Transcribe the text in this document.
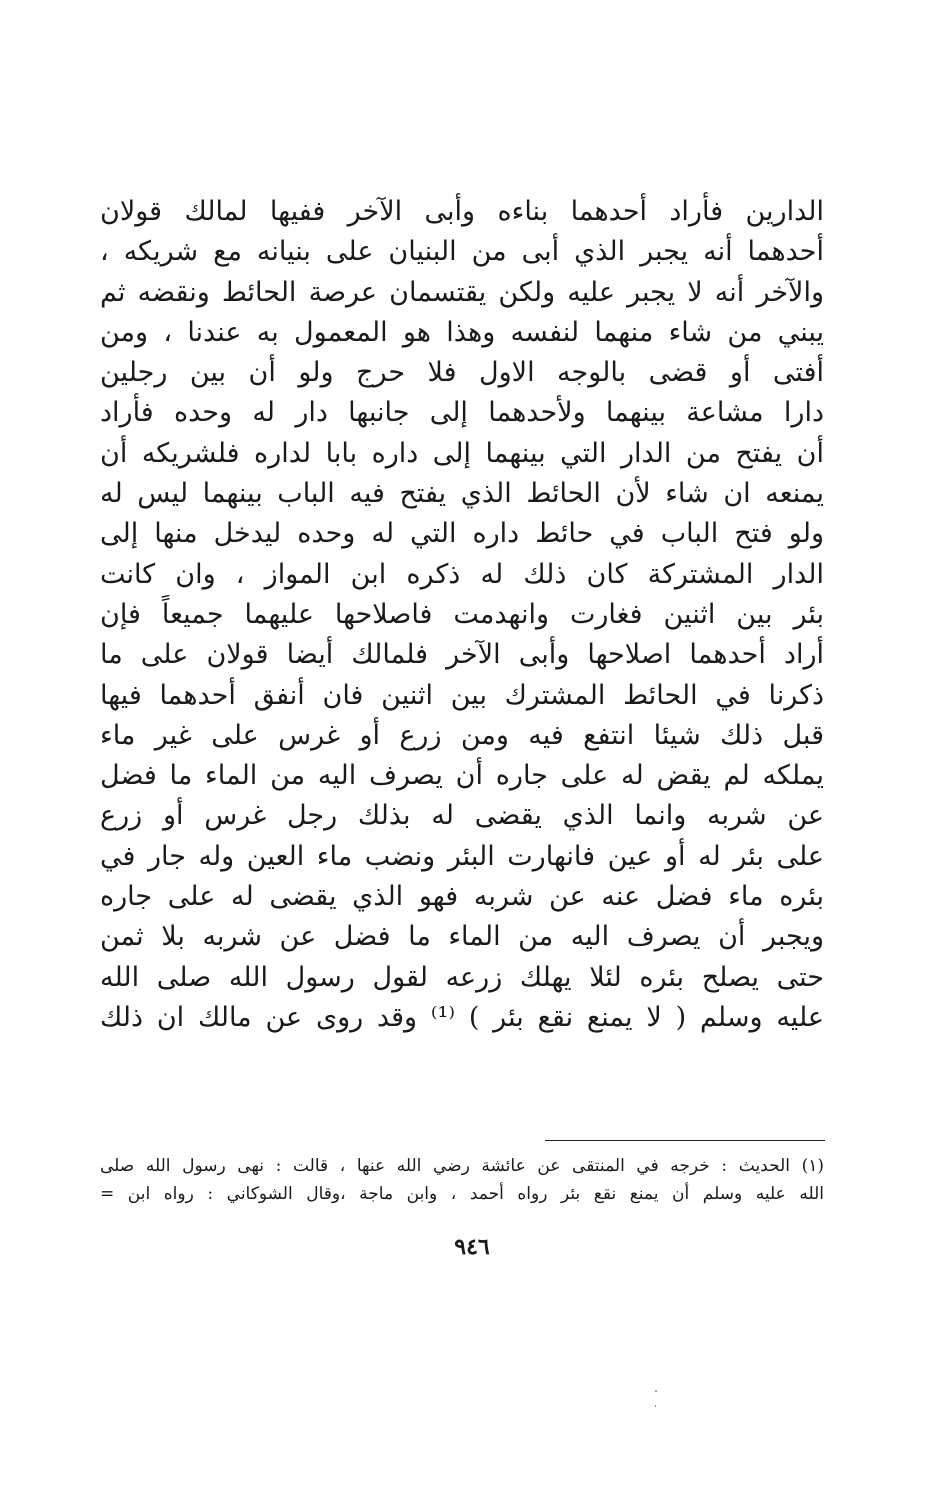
الدارين فأراد أحدهما بناءه وأبى الآخر ففيها لمالك قولان
أحدهما أنه يجبر الذي أبى من البنيان على بنيانه مع شريكه ،
والآخر أنه لا يجبر عليه ولكن يقتسمان عرصة الحائط ونقضه ثم
يبني من شاء منهما لنفسه وهذا هو المعمول به عندنا ، ومن
أفتى أو قضى بالوجه الاول فلا حرج ولو أن بين رجلين
دارا مشاعة بينهما ولأحدهما إلى جانبها دار له وحده فأراد
أن يفتح من الدار التي بينهما إلى داره بابا لداره فلشريكه أن
يمنعه ان شاء لأن الحائط الذي يفتح فيه الباب بينهما ليس له
ولو فتح الباب في حائط داره التي له وحده ليدخل منها إلى
الدار المشتركة كان ذلك له ذكره ابن المواز ، وان كانت
بئر بين اثنين فغارت وانهدمت فاصلاحها عليهما جميعاً فإن
أراد أحدهما اصلاحها وأبى الآخر فلمالك أيضا قولان على ما
ذكرنا في الحائط المشترك بين اثنين فان أنفق أحدهما فيها
قبل ذلك شيئا انتفع فيه ومن زرع أو غرس على غير ماء
يملكه لم يقض له على جاره أن يصرف اليه من الماء ما فضل
عن شربه وانما الذي يقضى له بذلك رجل غرس أو زرع
على بئر له أو عين فانهارت البئر ونضب ماء العين وله جار في
بئره ماء فضل عنه عن شربه فهو الذي يقضى له على جاره
ويجبر أن يصرف اليه من الماء ما فضل عن شربه بلا ثمن
حتى يصلح بئره لئلا يهلك زرعه لقول رسول الله صلى الله
عليه وسلم ( لا يمنع نقع بئر ) ⁽¹⁾ وقد روى عن مالك ان ذلك
(١) الحديث : خرجه في المنتقى عن عائشة رضي الله عنها ، قالت : نهى رسول الله صلى
الله عليه وسلم أن يمنع نقع بئر رواه أحمد ، وابن ماجة ،وقال الشوكاني : رواه ابن =
٩٤٦
